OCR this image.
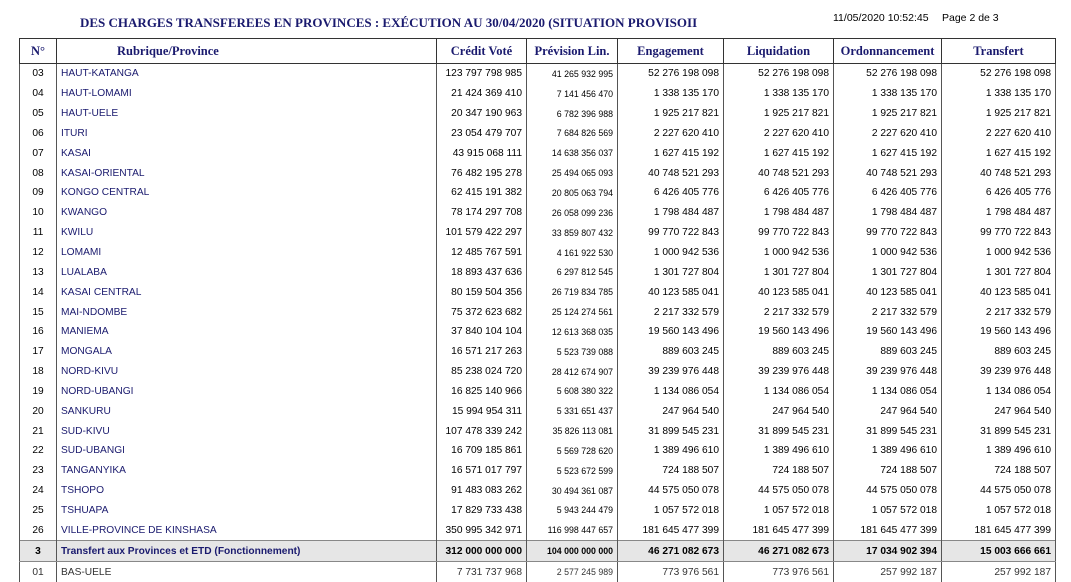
DES CHARGES TRANSFEREES EN PROVINCES : EXÉCUTION AU 30/04/2020 (SITUATION PROVISOII	11/05/2020 10:52:45 Page 2 de 3
N°	Rubrique/Province	Crédit Voté	Prévision Lin.	Engagement	Liquidation	Ordonnancement	Transfert
03	HAUT-KATANGA	123 797 798 985	41 265 932 995	52 276 198 098	52 276 198 098	52 276 198 098	52 276 198 098
04	HAUT-LOMAMI	21 424 369 410	7 141 456 470	1 338 135 170	1 338 135 170	1 338 135 170	1 338 135 170
05	HAUT-UELE	20 347 190 963	6 782 396 988	1 925 217 821	1 925 217 821	1 925 217 821	1 925 217 821
06	ITURI	23 054 479 707	7 684 826 569	2 227 620 410	2 227 620 410	2 227 620 410	2 227 620 410
07	KASAI	43 915 068 111	14 638 356 037	1 627 415 192	1 627 415 192	1 627 415 192	1 627 415 192
08	KASAI-ORIENTAL	76 482 195 278	25 494 065 093	40 748 521 293	40 748 521 293	40 748 521 293	40 748 521 293
09	KONGO CENTRAL	62 415 191 382	20 805 063 794	6 426 405 776	6 426 405 776	6 426 405 776	6 426 405 776
10	KWANGO	78 174 297 708	26 058 099 236	1 798 484 487	1 798 484 487	1 798 484 487	1 798 484 487
11	KWILU	101 579 422 297	33 859 807 432	99 770 722 843	99 770 722 843	99 770 722 843	99 770 722 843
12	LOMAMI	12 485 767 591	4 161 922 530	1 000 942 536	1 000 942 536	1 000 942 536	1 000 942 536
13	LUALABA	18 893 437 636	6 297 812 545	1 301 727 804	1 301 727 804	1 301 727 804	1 301 727 804
14	KASAI CENTRAL	80 159 504 356	26 719 834 785	40 123 585 041	40 123 585 041	40 123 585 041	40 123 585 041
15	MAI-NDOMBE	75 372 623 682	25 124 274 561	2 217 332 579	2 217 332 579	2 217 332 579	2 217 332 579
16	MANIEMA	37 840 104 104	12 613 368 035	19 560 143 496	19 560 143 496	19 560 143 496	19 560 143 496
17	MONGALA	16 571 217 263	5 523 739 088	889 603 245	889 603 245	889 603 245	889 603 245
18	NORD-KIVU	85 238 024 720	28 412 674 907	39 239 976 448	39 239 976 448	39 239 976 448	39 239 976 448
19	NORD-UBANGI	16 825 140 966	5 608 380 322	1 134 086 054	1 134 086 054	1 134 086 054	1 134 086 054
20	SANKURU	15 994 954 311	5 331 651 437	247 964 540	247 964 540	247 964 540	247 964 540
21	SUD-KIVU	107 478 339 242	35 826 113 081	31 899 545 231	31 899 545 231	31 899 545 231	31 899 545 231
22	SUD-UBANGI	16 709 185 861	5 569 728 620	1 389 496 610	1 389 496 610	1 389 496 610	1 389 496 610
23	TANGANYIKA	16 571 017 797	5 523 672 599	724 188 507	724 188 507	724 188 507	724 188 507
24	TSHOPO	91 483 083 262	30 494 361 087	44 575 050 078	44 575 050 078	44 575 050 078	44 575 050 078
25	TSHUAPA	17 829 733 438	5 943 244 479	1 057 572 018	1 057 572 018	1 057 572 018	1 057 572 018
26	VILLE-PROVINCE DE KINSHASA	350 995 342 971	116 998 447 657	181 645 477 399	181 645 477 399	181 645 477 399	181 645 477 399
3	Transfert aux Provinces et ETD (Fonctionnement)	312 000 000 000	104 000 000 000	46 271 082 673	46 271 082 673	17 034 902 394	15 003 666 661
01	BAS-UELE	7 731 737 968	2 577 245 989	773 976 561	773 976 561	257 992 187	257 992 187
